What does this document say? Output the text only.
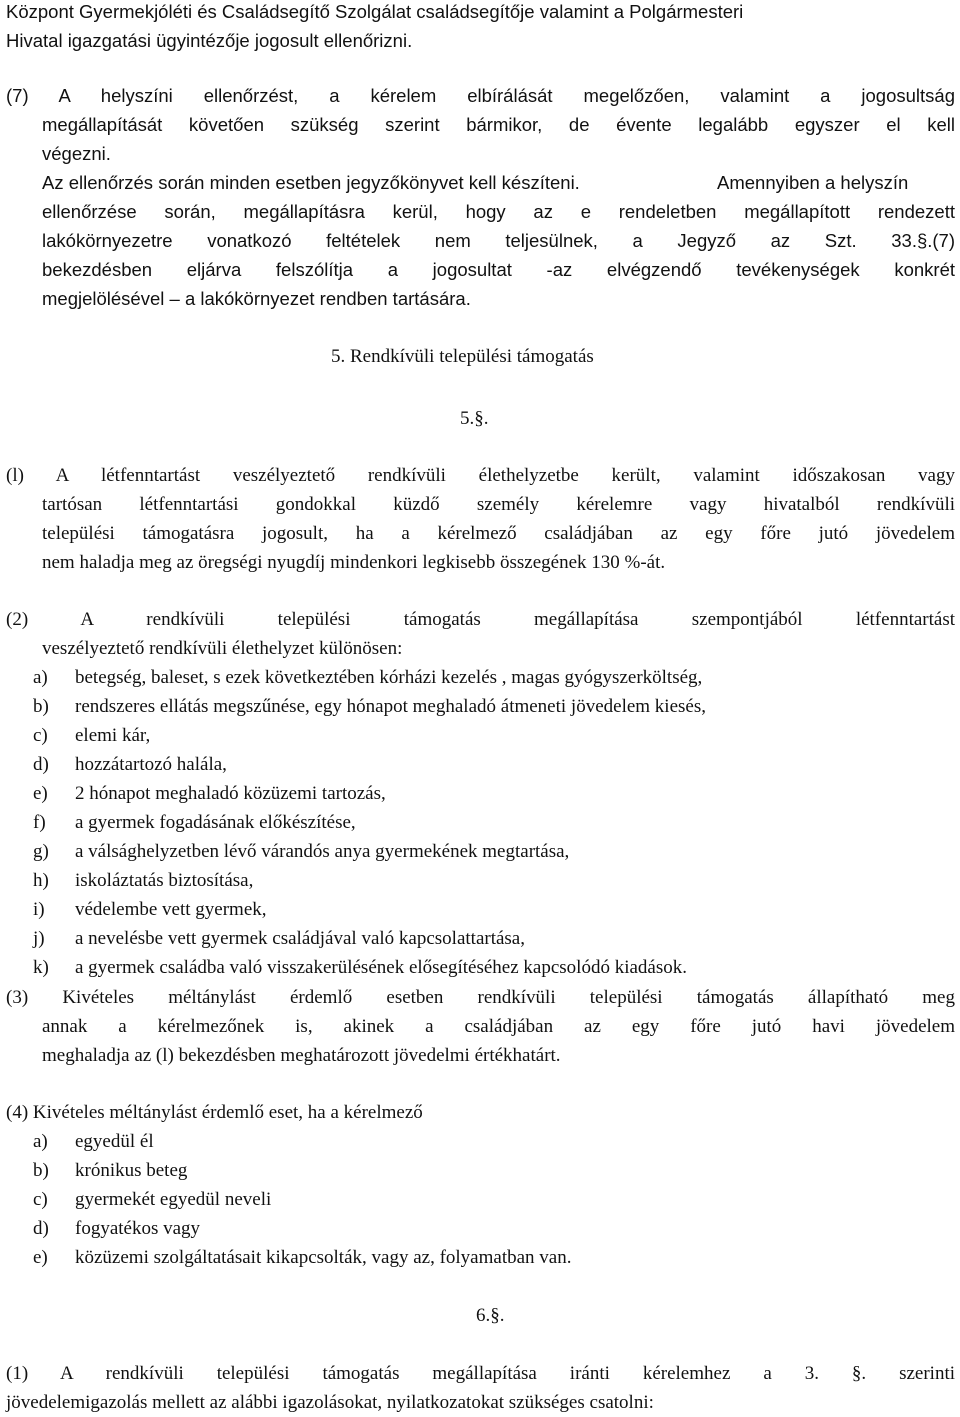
Központ Gyermekjóléti és Családsegítő Szolgálat családsegítője valamint a Polgármesteri
Hivatal igazgatási ügyintézője jogosult ellenőrizni.
(7) A helyszíni ellenőrzést, a kérelem elbírálását megelőzően, valamint a jogosultság
megállapítását követően szükség szerint bármikor, de évente legalább egyszer el kell
végezni.
Az ellenőrzés során minden esetben jegyzőkönyvet kell készíteni.	Amennyiben a helyszín
ellenőrzése során, megállapításra kerül, hogy az e rendeletben megállapított rendezett
lakókörnyezetre vonatkozó feltételek nem teljesülnek, a Jegyző az Szt. 33.§.(7)
bekezdésben eljárva felszólítja a jogosultat -az elvégzendő tevékenységek konkrét
megjelölésével – a lakókörnyezet rendben tartására.
5. Rendkívüli települési támogatás
5.§.
(l) A létfenntartást veszélyeztető rendkívüli élethelyzetbe került, valamint időszakosan vagy
tartósan létfenntartási gondokkal küzdő személy kérelemre vagy hivatalból rendkívüli
települési támogatásra jogosult, ha a kérelmező családjában az egy főre jutó jövedelem
nem haladja meg az öregségi nyugdíj mindenkori legkisebb összegének 130 %-át.
(2) A rendkívüli települési támogatás megállapítása szempontjából létfenntartást
veszélyeztető rendkívüli élethelyzet különösen:
a) betegség, baleset, s ezek következtében kórházi kezelés , magas gyógyszerköltség,
b) rendszeres ellátás megszűnése, egy hónapot meghaladó átmeneti jövedelem kiesés,
c) elemi kár,
d) hozzátartozó halála,
e) 2 hónapot meghaladó közüzemi tartozás,
f) a gyermek fogadásának előkészítése,
g) a válsághelyzetben lévő várandós anya gyermekének megtartása,
h) iskoláztatás biztosítása,
i) védelembe vett gyermek,
j) a nevelésbe vett gyermek családjával való kapcsolattartása,
k) a gyermek családba való visszakerülésének elősegítéséhez kapcsolódó kiadások.
(3) Kivételes méltánylást érdemlő esetben rendkívüli települési támogatás állapítható meg
annak a kérelmezőnek is, akinek a családjában az egy főre jutó havi jövedelem
meghaladja az (l) bekezdésben meghatározott jövedelmi értékhatárt.
(4) Kivételes méltánylást érdemlő eset, ha a kérelmező
a) egyedül él
b) krónikus beteg
c) gyermekét egyedül neveli
d) fogyatékos vagy
e) közüzemi szolgáltatásait kikapcsolták, vagy az, folyamatban van.
6.§.
(1) A rendkívüli települési támogatás megállapítása iránti kérelemhez a 3. §. szerinti
jövedelemigazolás mellett az alábbi igazolásokat, nyilatkozatokat szükséges csatolni:
